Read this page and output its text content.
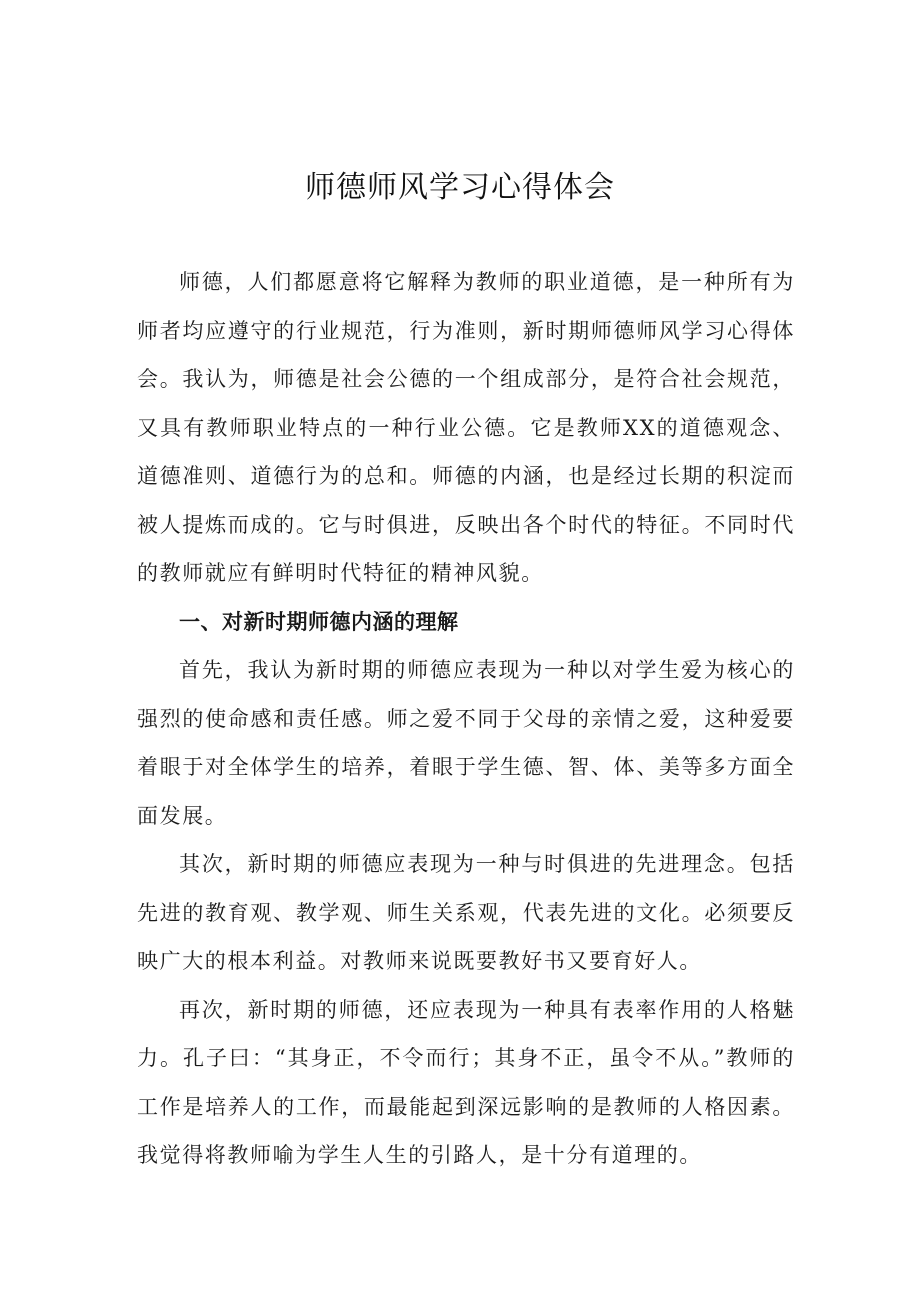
师德师风学习心得体会

师德，人们都愿意将它解释为教师的职业道德，是一种所有为师者均应遵守的行业规范，行为准则，新时期师德师风学习心得体会。我认为，师德是社会公德的一个组成部分，是符合社会规范，又具有教师职业特点的一种行业公德。它是教师XX的道德观念、道德准则、道德行为的总和。师德的内涵，也是经过长期的积淀而被人提炼而成的。它与时俱进，反映出各个时代的特征。不同时代的教师就应有鲜明时代特征的精神风貌。

一、对新时期师德内涵的理解

首先，我认为新时期的师德应表现为一种以对学生爱为核心的强烈的使命感和责任感。师之爱不同于父母的亲情之爱，这种爱要着眼于对全体学生的培养，着眼于学生德、智、体、美等多方面全面发展。

其次，新时期的师德应表现为一种与时俱进的先进理念。包括先进的教育观、教学观、师生关系观，代表先进的文化。必须要反映广大的根本利益。对教师来说既要教好书又要育好人。

再次，新时期的师德，还应表现为一种具有表率作用的人格魅力。孔子曰：“其身正，不令而行；其身不正，虽令不从。”教师的工作是培养人的工作，而最能起到深远影响的是教师的人格因素。我觉得将教师喻为学生人生的引路人，是十分有道理的。
